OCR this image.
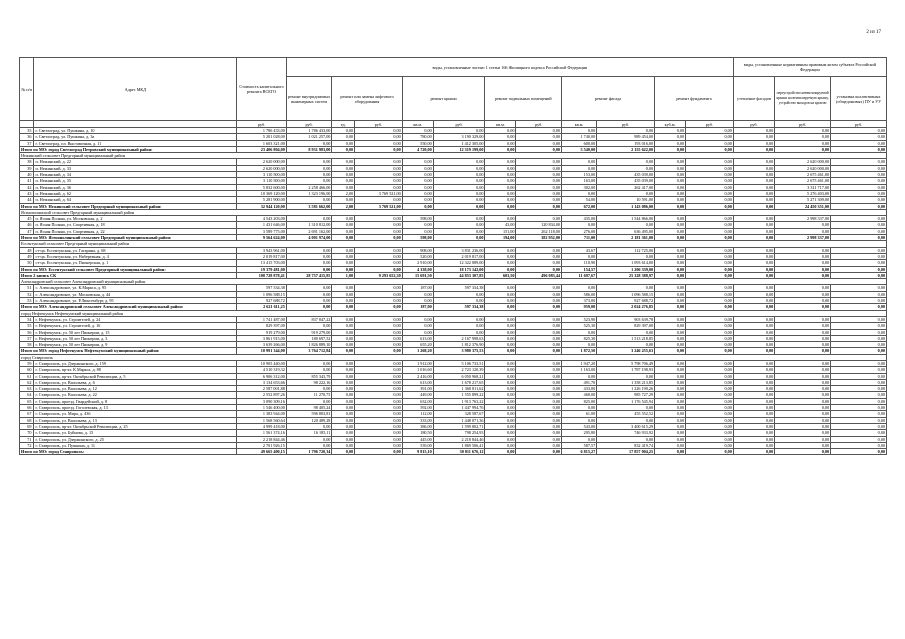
2 из 17
№ п/п	Адрес МКД	Стоимость капитального ремонта ВСЕГО	виды, установленные частью 1 статьи 166 Жилищного кодекса Российской Федерации											виды, установленные нормативным правовым актом субъекта Российской Федерации		
			ремонт внутридомовых инженерных систем	ремонт или замена лифтового оборудования		ремонт крыши		ремонт подвальных помещений		ремонт фасада		ремонт фундамента		утепление фасадов	переустройство невентилируемой крыши на вентилируемую крышу, устройство выходов на кровлю	установка коллективных (общедомовых) ПУ и УУ
		руб.	руб.	ед.	руб.	кв.м.	руб.	кв.м.	руб.	кв.м.	руб.	куб.м.	руб.	руб.	руб.	руб.
35	г. Светлоград, ул. Пушкина, д. 10	1 786 433,00	1 786 433,00	0,00	0,00	0,00	0,00	0,00	0,00	0,00	0,00	0,00	0,00	0,00	0,00	0,00
36	г. Светлоград, ул. Пушкина, д. 3а	5 201 028,00	1 021 257,00	0,00	0,00	780,00	3 190 329,00	0,00	0,00	1 740,00	989 454,00	0,00	0,00	0,00	0,00	0,00
37	г. Светлоград, пл. Выставочная, д. 11	1 603 321,00	0,00	0,00	0,00	550,00	1 412 305,00	0,00	0,00	600,00	193 016,00	0,00	0,00	0,00	0,00	0,00
Итого по МО: город Светлоград Петровский муниципальный район:		23 406 804,00	8 931 983,00	0,00	0,00	4 720,00	12 319 199,00	0,00	0,00	5 540,00	2 155 622,00	0,00	0,00	0,00	0,00	0,00
Нежинский сельсовет Предгорный муниципальный район																
38	п. Нежинский, д. 22	2 620 000,00	0,00	0,00	0,00	0,00	0,00	0,00	0,00	0,00	0,00	0,00	0,00	0,00	2 620 000,00	0,00
39	п. Нежинский, д. 33	2 620 000,00	0,00	0,00	0,00	0,00	0,00	0,00	0,00	0,00	0,00	0,00	0,00	0,00	2 620 000,00	0,00
40	п. Нежинский, д. 34	3 110 500,00	0,00	0,00	0,00	0,00	0,00	0,00	0,00	153,00	435 039,00	0,00	0,00	0,00	2 675 461,00	0,00
41	п. Нежинский, д. 35	3 110 500,00	0,00	0,00	0,00	0,00	0,00	0,00	0,00	163,00	435 039,00	0,00	0,00	0,00	2 675 461,00	0,00
42	п. Нежинский, д. 36	5 832 600,00	2 258 466,00	0,00	0,00	0,00	0,00	0,00	0,00	302,00	262 417,00	0,00	0,00	0,00	3 311 717,00	0,00
43	п. Нежинский, д. 62	10 369 120,00	1 323 196,00	2,00	3 769 521,00	0,00	0,00	0,00	0,00	0,00	0,00	0,00	0,00	0,00	5 276 403,00	0,00
44	п. Нежинский, д. 64	5 281 900,00	0,00	0,00	0,00	0,00	0,00	0,00	0,00	54,00	10 591,00	0,00	0,00	0,00	5 271 309,00	0,00
Итого по МО: Нежинский сельсовет Предгорный муниципальный район:		32 944 120,00	3 581 662,00	2,00	3 769 521,00	0,00	0,00	0,00	0,00	672,00	1 143 086,00	0,00	0,00	0,00	24 450 351,00	0,00
Ясенополянский сельсовет Предгорный муниципальный район																
45	п. Ясная Поляна, ул. Московская, д. 2	4 543 203,00	0,00	0,00	0,00	598,00	0,00	0,00	0,00	435,00	1 544 866,00	0,00	0,00	0,00	2 998 337,00	0,00
46	п. Ясная Поляна, ул. Спортивная, д. 18	1 431 646,00	1 310 812,00	0,00	0,00	0,00	0,00	43,00	120 834,00	0,00	0,00	0,00	0,00	0,00	0,00	0,00
47	п. Ясная Поляна, ул. Спортивная, д. 22	3 589 775,00	2 691 162,00	0,00	0,00	0,00	0,00	151,00	262 118,00	276,00	636 495,00	0,00	0,00	0,00	0,00	0,00
Итого по МО: Ясенополянский сельсовет Предгорный муниципальный район:		9 564 624,00	4 001 974,00	0,00	0,00	598,00	0,00	194,00	382 952,00	711,00	2 181 361,00	0,00	0,00	0,00	2 998 337,00	0,00
Ессентукский сельсовет Предгорный муниципальный район																
48	ст-ца. Ессентукская, ул. Гагарина, д. 68	3 943 961,00	0,00	0,00	0,00	908,00	3 831 236,00	0,00	0,00	43,67	112 725,00	0,00	0,00	0,00	0,00	0,00
49	ст-ца. Ессентукская, ул. Набережная, д. 4	2 019 817,00	0,00	0,00	0,00	520,00	2 019 817,00	0,00	0,00	0,00	0,00	0,00	0,00	0,00	0,00	0,00
50	ст-ца. Ессентукская, ул. Пионерская, д. 1	13 415 703,00	0,00	0,00	0,00	2 910,00	12 322 089,00	0,00	0,00	110,90	1 093 614,00	0,00	0,00	0,00	0,00	0,00
Итого по МО: Ессентукский сельсовет Предгорный муниципальный район:		19 379 481,00	0,00	0,00	0,00	4 338,00	18 173 142,00	0,00	0,00	154,57	1 206 339,00	0,00	0,00	0,00	0,00	0,00
Итого 2 запись СК		108 728 878,41	28 757 415,85	1,00	9 293 652,30	15 691,50	44 853 307,85	603,50	496 083,44	11 697,67	25 328 388,97	0,00	0,00	0,00	0,00	0,00
Александровский сельсовет Александровский муниципальный район																
51	с. Александровское, ул. К.Маркса, д. 95	597 334,38	0,00	0,00	0,00	187,00	597 334,38	0,00	0,00	0,00	0,00	0,00	0,00	0,00	0,00	0,00
52	с. Александровское, ул. Московская, д. 44	1 096 588,15	0,00	0,00	0,00	0,00	0,00	0,00	0,00	586,00	1 096 588,15	0,00	0,00	0,00	0,00	0,00
53	с. Александровское, ул. Р.Люксембург, д. 95	927 688,72	0,00	0,00	0,00	0,00	0,00	0,00	0,00	373,00	927 688,72	0,00	0,00	0,00	0,00	0,00
Итого по МО: Александровский сельсовет Александровский муниципальный район:		2 621 611,25	0,00	0,00	0,00	187,00	597 334,38	0,00	0,00	959,00	2 024 276,85	0,00	0,00	0,00	0,00	0,00
город Нефтекумск Нефтекумский муниципальный район																
54	г. Нефтекумск, ул. Строителей, д. 24	1 741 487,00	837 847,22	0,00	0,00	0,00	0,00	0,00	0,00	523,90	903 639,78	0,00	0,00	0,00	0,00	0,00
55	г. Нефтекумск, ул. Строителей, д. 16	829 397,00	0,00	0,00	0,00	0,00	0,00	0,00	0,00	525,30	829 397,00	0,00	0,00	0,00	0,00	0,00
56	г. Нефтекумск, ул. 50 лет Пионерии, д. 15	919 279,00	919 279,00	0,00	0,00	0,00	0,00	0,00	0,00	0,00	0,00	0,00	0,00	0,00	0,00	0,00
57	г. Нефтекумск, ул. 50 лет Пионерии, д. 3	3 861 915,00	180 697,52	0,00	0,00	613,00	2 167 998,63	0,00	0,00	825,30	1 513 218,85	0,00	0,00	0,00	0,00	0,00
58	г. Нефтекумск, ул. 50 лет Пионерии, д. 9	3 639 266,00	1 826 889,10	0,00	0,00	655,20	1 812 376,90	0,00	0,00	0,00	0,00	0,00	0,00	0,00	0,00	0,00
Итого по МО: город Нефтекумск Нефтекумский муниципальный район:		10 991 344,00	3 764 712,84	0,00	0,00	1 268,20	3 980 375,53	0,00	0,00	1 872,50	3 246 255,63	0,00	0,00	0,00	0,00	0,00
город Ставрополь																
59	г. Ставрополь, ул. Дзержинского, д. 159	10 905 440,00	0,00	0,00	0,00	1 912,00	5 106 733,51	0,00	0,00	1 947,20	5 798 706,49	0,00	0,00	0,00	0,00	0,00
60	г. Ставрополь, пр-кт. К.Маркса, д. 88	4 510 319,32	0,00	0,00	0,00	1 016,60	2 723 120,39	0,00	0,00	1 163,00	1 787 198,93	0,00	0,00	0,00	0,00	0,00
61	г. Ставрополь, пр-кт. Октябрьской Революции, д. 5	6 906 312,00	855 343,79	0,00	0,00	2 416,00	6 050 968,21	0,00	0,00	0,00	0,00	0,00	0,00	0,00	0,00	0,00
62	г. Ставрополь, ул. Васильева, д. 6	3 134 653,66	98 222,16	0,00	0,00	613,00	1 678 217,65	0,00	0,00	491,70	1 358 213,85	0,00	0,00	0,00	0,00	0,00
63	г. Ставрополь, ул. Васильева, д. 12	2 587 001,88	0,00	0,00	0,00	391,00	1 360 811,62	0,00	0,00	433,00	1 226 190,26	0,00	0,00	0,00	0,00	0,00
64	г. Ставрополь, ул. Васильева, д. 22	2 552 897,26	11 270,75	0,00	0,00	449,00	1 555 899,22	0,00	0,00	468,00	985 727,29	0,00	0,00	0,00	0,00	0,00
65	г. Ставрополь, проезд. Гвардейский, д. 8	3 090 309,16	0,00	0,00	0,00	632,00	1 913 763,22	0,00	0,00	825,00	1 176 545,94	0,00	0,00	0,00	0,00	0,00
66	г. Ставрополь, проезд. Гоголевская, д. 13	1 546 400,00	98 405,24	0,00	0,00	592,00	1 447 994,76	0,00	0,00	0,00	0,00	0,00	0,00	0,00	0,00	0,00
67	г. Ставрополь, ул. Мира, д. 436	1 383 944,00	596 803,81	0,00	0,00	112,00	328 587,67	0,00	0,00	61,00	455 552,52	0,00	0,00	0,00	0,00	0,00
68	г. Ставрополь, ул. Васильева, д. 13	1 568 560,64	120 489,28	0,00	0,00	333,00	1 448 071,36	0,00	0,00	0,00	0,00	0,00	0,00	0,00	0,00	0,00
69	г. Ставрополь, пр-кт. Октябрьской Революции, д. 25	4 999 418,00	0,00	0,00	0,00	386,00	1 599 802,71	0,00	0,00	543,00	3 400 615,29	0,00	0,00	0,00	0,00	0,00
70	г. Ставрополь, ул. Буйнова, д. 15	1 561 374,16	16 185,11	0,00	0,00	180,50	798 254,93	0,00	0,00	295,80	746 933,92	0,00	0,00	0,00	0,00	0,00
71	г. Ставрополь, ул. Дзержинского, д. 25	2 218 844,46	0,00	0,00	0,00	445,00	2 218 844,46	0,00	0,00	0,00	0,00	0,00	0,00	0,00	0,00	0,00
72	г. Ставрополь, ул. Пушкина, д. 11	2 701 926,15	0,00	0,00	0,00	539,00	1 869 506,41	0,00	0,00	587,57	832 419,74	0,00	0,00	0,00	0,00	0,00
Итого по МО: город Ставрополь:		49 665 400,15	1 796 720,34	0,00	0,00	9 815,10	30 011 676,12	0,00	0,00	6 815,27	17 857 004,25	0,00	0,00	0,00	0,00	0,00
